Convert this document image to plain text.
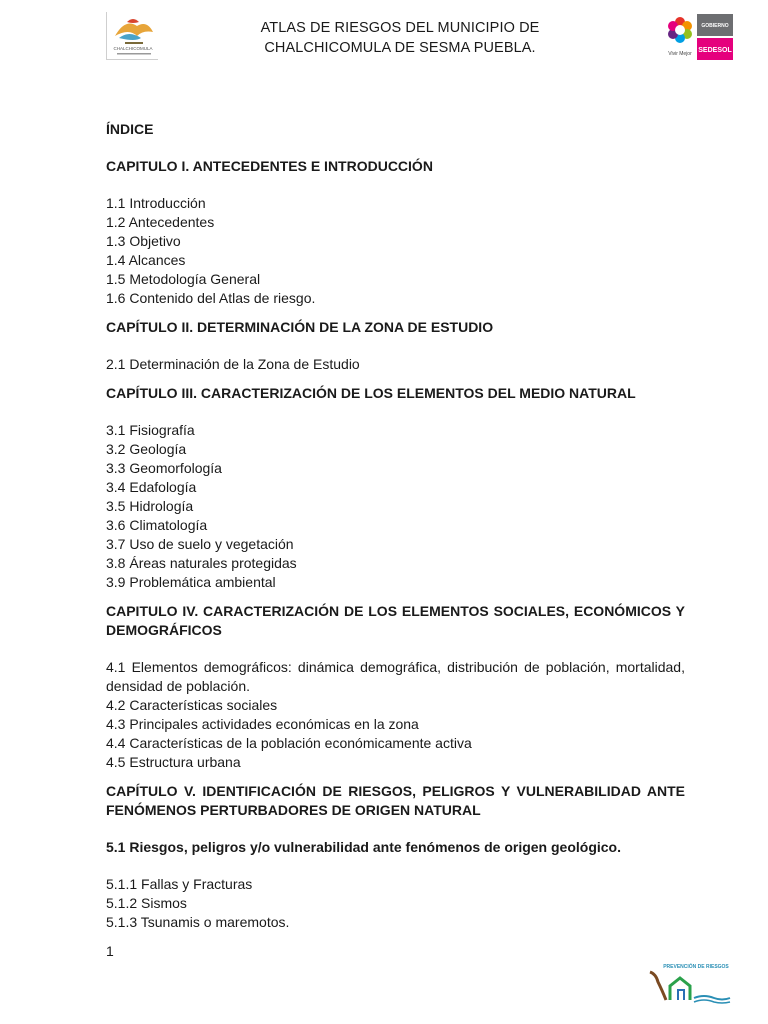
CHALCHICOMULA
ATLAS DE RIESGOS DEL MUNICIPIO DE
CHALCHICOMULA DE SESMA PUEBLA.	Vivir Mejor
GOBIERNO
SEDESOL

ÍNDICE

CAPITULO I. ANTECEDENTES E INTRODUCCIÓN

1.1 Introducción
1.2 Antecedentes
1.3 Objetivo
1.4 Alcances
1.5 Metodología General
1.6 Contenido del Atlas de riesgo.

CAPÍTULO II. DETERMINACIÓN DE LA ZONA DE ESTUDIO

2.1 Determinación de la Zona de Estudio

CAPÍTULO III. CARACTERIZACIÓN DE LOS ELEMENTOS DEL MEDIO NATURAL

3.1 Fisiografía
3.2 Geología
3.3 Geomorfología
3.4 Edafología
3.5 Hidrología
3.6 Climatología
3.7 Uso de suelo y vegetación
3.8 Áreas naturales protegidas
3.9 Problemática ambiental

CAPITULO IV. CARACTERIZACIÓN DE LOS ELEMENTOS SOCIALES, ECONÓMICOS Y DEMOGRÁFICOS

4.1 Elementos demográficos: dinámica demográfica, distribución de población, mortalidad, densidad de población.
4.2 Características sociales
4.3 Principales actividades económicas en la zona
4.4 Características de la población económicamente activa
4.5 Estructura urbana

CAPÍTULO V. IDENTIFICACIÓN DE RIESGOS, PELIGROS Y VULNERABILIDAD ANTE FENÓMENOS PERTURBADORES DE ORIGEN NATURAL

5.1 Riesgos, peligros y/o vulnerabilidad ante fenómenos de origen geológico.

5.1.1 Fallas y Fracturas
5.1.2 Sismos
5.1.3 Tsunamis o maremotos.
1
PREVENCIÓN DE RIESGOS
